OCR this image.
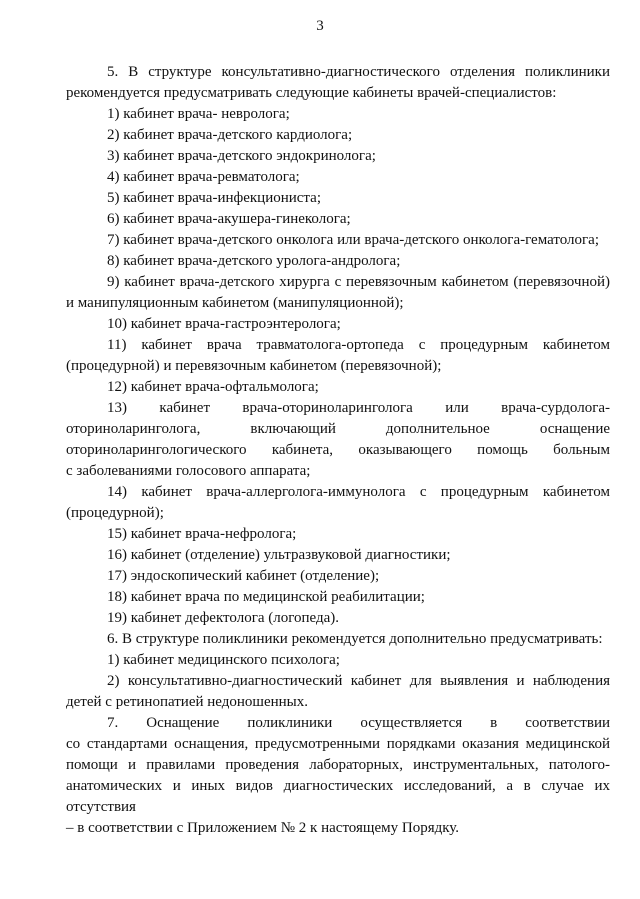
3
5. В структуре консультативно-диагностического отделения поликлиники
рекомендуется предусматривать следующие кабинеты врачей-специалистов:
1) кабинет врача- невролога;
2) кабинет врача-детского кардиолога;
3) кабинет врача-детского эндокринолога;
4) кабинет врача-ревматолога;
5) кабинет врача-инфекциониста;
6) кабинет врача-акушера-гинеколога;
7) кабинет врача-детского онколога или врача-детского онколога-гематолога;
8) кабинет врача-детского уролога-андролога;
9) кабинет врача-детского хирурга с перевязочным кабинетом (перевязочной)
и манипуляционным кабинетом (манипуляционной);
10) кабинет врача-гастроэнтеролога;
11) кабинет врача травматолога-ортопеда с процедурным кабинетом
(процедурной) и перевязочным кабинетом (перевязочной);
12) кабинет врача-офтальмолога;
13) кабинет врача-оториноларинголога или врача-сурдолога-
оториноларинголога, включающий дополнительное оснащение
оториноларингологического кабинета, оказывающего помощь больным
с заболеваниями голосового аппарата;
14) кабинет врача-аллерголога-иммунолога с процедурным кабинетом
(процедурной);
15) кабинет врача-нефролога;
16) кабинет (отделение) ультразвуковой диагностики;
17) эндоскопический кабинет (отделение);
18) кабинет врача по медицинской реабилитации;
19) кабинет дефектолога (логопеда).
6. В структуре поликлиники рекомендуется дополнительно предусматривать:
1) кабинет медицинского психолога;
2) консультативно-диагностический кабинет для выявления и наблюдения
детей с ретинопатией недоношенных.
7. Оснащение поликлиники осуществляется в соответствии
со стандартами оснащения, предусмотренными порядками оказания медицинской
помощи и правилами проведения лабораторных, инструментальных, патолого-
анатомических и иных видов диагностических исследований, а в случае их отсутствия
– в соответствии с Приложением № 2 к настоящему Порядку.
